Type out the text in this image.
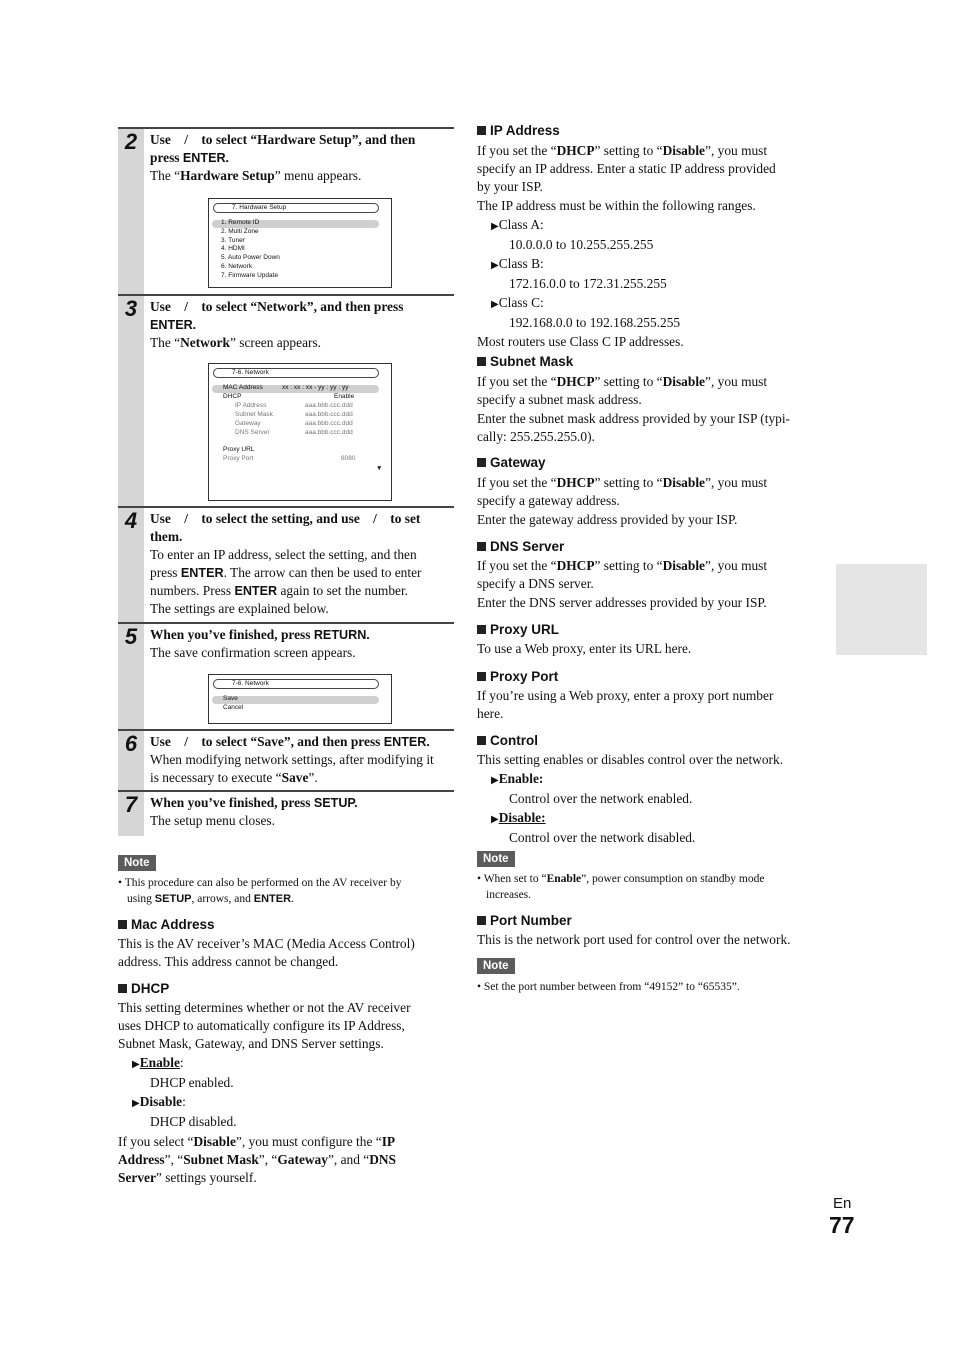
2 Use    /    to select “Hardware Setup”, and then

press ENTER.

The “Hardware Setup” menu appears.

7. Hardware Setup
1. Remote ID
2. Multi Zone
3. Tuner
4. HDMI
5. Auto Power Down
6. Network
7. Firmware Update
3 Use    /    to select “Network”, and then press

ENTER.

The “Network” screen appears.

7-6. Network
MAC Address	xx : xx : xx - yy : yy : yy
DHCP	Enable
IP Address	aaa.bbb.ccc.ddd
Subnet Mask	aaa.bbb.ccc.ddd
Gateway	aaa.bbb.ccc.ddd
DNS Server	aaa.bbb.ccc.ddd
Proxy URL
Proxy Port	8080
▼
4 Use    /    to select the setting, and use    /    to set

them.

To enter an IP address, select the setting, and then

press ENTER. The arrow can then be used to enter

numbers. Press ENTER again to set the number.

The settings are explained below.

5 When you’ve finished, press RETURN.

The save confirmation screen appears.

7-6. Network
Save
Cancel
6 Use    /    to select “Save”, and then press ENTER.

When modifying network settings, after modifying it

is necessary to execute “Save”.

7 When you’ve finished, press SETUP.

The setup menu closes.

Note

• This procedure can also be performed on the AV receiver by

using SETUP, arrows, and ENTER.

Mac Address

This is the AV receiver’s MAC (Media Access Control)

address. This address cannot be changed.

DHCP

This setting determines whether or not the AV receiver

uses DHCP to automatically configure its IP Address,

Subnet Mask, Gateway, and DNS Server settings.

▶Enable:

DHCP enabled.

▶Disable:

DHCP disabled.

If you select “Disable”, you must configure the “IP

Address”, “Subnet Mask”, “Gateway”, and “DNS

Server” settings yourself.

IP Address

If you set the “DHCP” setting to “Disable”, you must

specify an IP address. Enter a static IP address provided

by your ISP.

The IP address must be within the following ranges.

▶Class A:

10.0.0.0 to 10.255.255.255

▶Class B:

172.16.0.0 to 172.31.255.255

▶Class C:

192.168.0.0 to 192.168.255.255

Most routers use Class C IP addresses.

Subnet Mask

If you set the “DHCP” setting to “Disable”, you must

specify a subnet mask address.

Enter the subnet mask address provided by your ISP (typi-

cally: 255.255.255.0).

Gateway

If you set the “DHCP” setting to “Disable”, you must

specify a gateway address.

Enter the gateway address provided by your ISP.

DNS Server

If you set the “DHCP” setting to “Disable”, you must

specify a DNS server.

Enter the DNS server addresses provided by your ISP.

Proxy URL
To use a Web proxy, enter its URL here.
Proxy Port

If you’re using a Web proxy, enter a proxy port number

here.

Control

This setting enables or disables control over the network.

▶Enable:

Control over the network enabled.

▶Disable:

Control over the network disabled.

Note

• When set to “Enable”, power consumption on standby mode

increases.

Port Number
This is the network port used for control over the network.
Note
• Set the port number between from “49152” to “65535”.
En
77
